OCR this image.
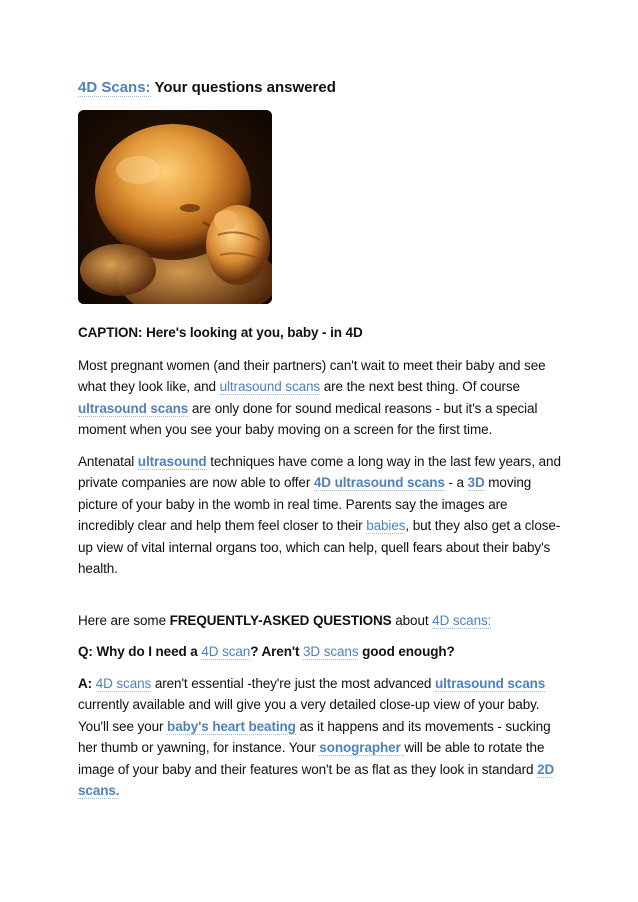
4D Scans: Your questions answered

CAPTION: Here's looking at you, baby - in 4D

Most pregnant women (and their partners) can't wait to meet their baby and see what they look like, and ultrasound scans are the next best thing. Of course ultrasound scans are only done for sound medical reasons - but it's a special moment when you see your baby moving on a screen for the first time.

Antenatal ultrasound techniques have come a long way in the last few years, and private companies are now able to offer 4D ultrasound scans - a 3D moving picture of your baby in the womb in real time. Parents say the images are incredibly clear and help them feel closer to their babies, but they also get a close-up view of vital internal organs too, which can help, quell fears about their baby's health.

Here are some FREQUENTLY-ASKED QUESTIONS about 4D scans:

Q: Why do I need a 4D scan? Aren't 3D scans good enough?

A: 4D scans aren't essential -they're just the most advanced ultrasound scans currently available and will give you a very detailed close-up view of your baby. You'll see your baby's heart beating as it happens and its movements - sucking her thumb or yawning, for instance. Your sonographer will be able to rotate the image of your baby and their features won't be as flat as they look in standard 2D scans.
